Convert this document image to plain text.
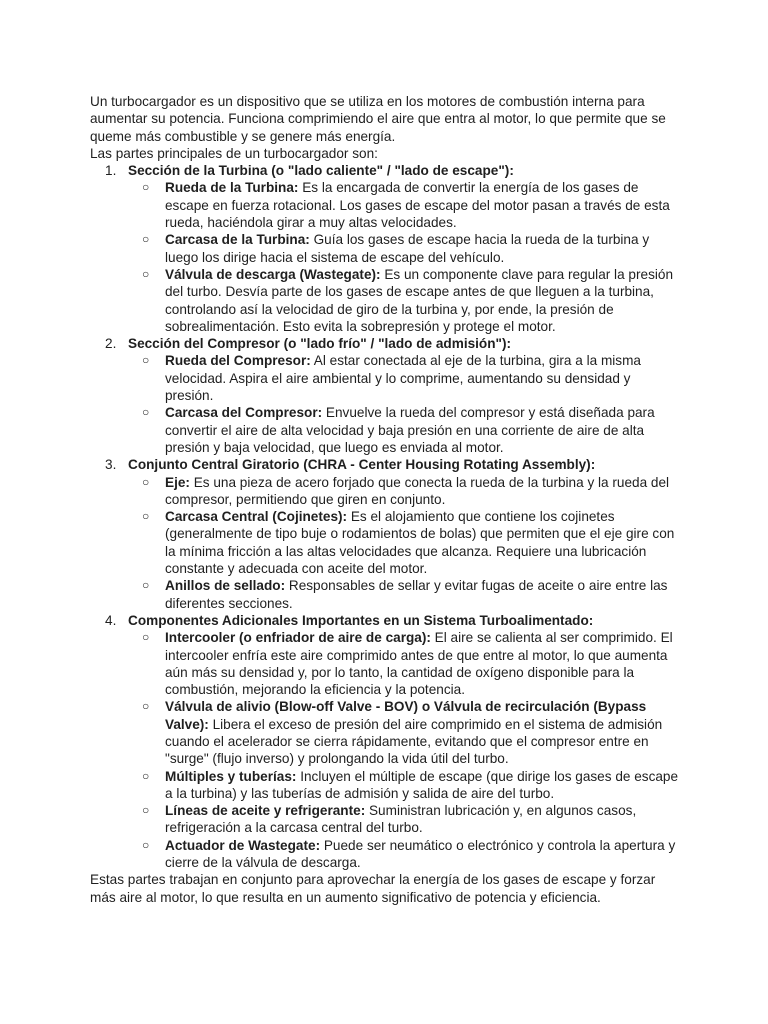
Un turbocargador es un dispositivo que se utiliza en los motores de combustión interna para aumentar su potencia. Funciona comprimiendo el aire que entra al motor, lo que permite que se queme más combustible y se genere más energía.

Las partes principales de un turbocargador son:

Sección de la Turbina (o "lado caliente" / "lado de escape"):
○ Rueda de la Turbina: Es la encargada de convertir la energía de los gases de escape en fuerza rotacional. Los gases de escape del motor pasan a través de esta rueda, haciéndola girar a muy altas velocidades.
○ Carcasa de la Turbina: Guía los gases de escape hacia la rueda de la turbina y luego los dirige hacia el sistema de escape del vehículo.
○ Válvula de descarga (Wastegate): Es un componente clave para regular la presión del turbo. Desvía parte de los gases de escape antes de que lleguen a la turbina, controlando así la velocidad de giro de la turbina y, por ende, la presión de sobrealimentación. Esto evita la sobrepresión y protege el motor.
Sección del Compresor (o "lado frío" / "lado de admisión"):
○ Rueda del Compresor: Al estar conectada al eje de la turbina, gira a la misma velocidad. Aspira el aire ambiental y lo comprime, aumentando su densidad y presión.
○ Carcasa del Compresor: Envuelve la rueda del compresor y está diseñada para convertir el aire de alta velocidad y baja presión en una corriente de aire de alta presión y baja velocidad, que luego es enviada al motor.
Conjunto Central Giratorio (CHRA - Center Housing Rotating Assembly):
○ Eje: Es una pieza de acero forjado que conecta la rueda de la turbina y la rueda del compresor, permitiendo que giren en conjunto.
○ Carcasa Central (Cojinetes): Es el alojamiento que contiene los cojinetes (generalmente de tipo buje o rodamientos de bolas) que permiten que el eje gire con la mínima fricción a las altas velocidades que alcanza. Requiere una lubricación constante y adecuada con aceite del motor.
○ Anillos de sellado: Responsables de sellar y evitar fugas de aceite o aire entre las diferentes secciones.
Componentes Adicionales Importantes en un Sistema Turboalimentado:
○ Intercooler (o enfriador de aire de carga): El aire se calienta al ser comprimido. El intercooler enfría este aire comprimido antes de que entre al motor, lo que aumenta aún más su densidad y, por lo tanto, la cantidad de oxígeno disponible para la combustión, mejorando la eficiencia y la potencia.
○ Válvula de alivio (Blow-off Valve - BOV) o Válvula de recirculación (Bypass Valve): Libera el exceso de presión del aire comprimido en el sistema de admisión cuando el acelerador se cierra rápidamente, evitando que el compresor entre en "surge" (flujo inverso) y prolongando la vida útil del turbo.
○ Múltiples y tuberías: Incluyen el múltiple de escape (que dirige los gases de escape a la turbina) y las tuberías de admisión y salida de aire del turbo.
○ Líneas de aceite y refrigerante: Suministran lubricación y, en algunos casos, refrigeración a la carcasa central del turbo.
○ Actuador de Wastegate: Puede ser neumático o electrónico y controla la apertura y cierre de la válvula de descarga.

Estas partes trabajan en conjunto para aprovechar la energía de los gases de escape y forzar más aire al motor, lo que resulta en un aumento significativo de potencia y eficiencia.
